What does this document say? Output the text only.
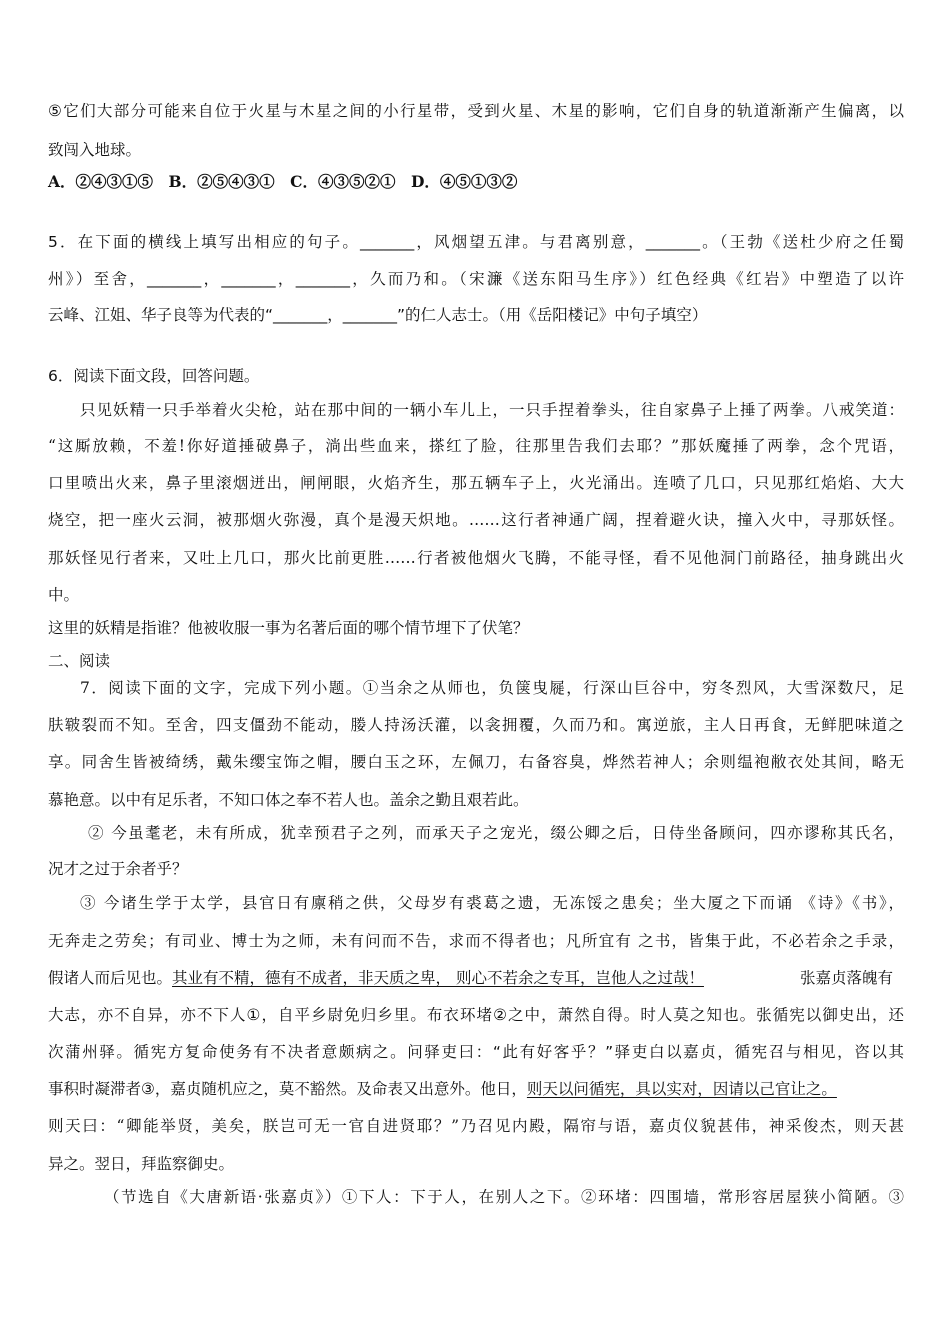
⑤它们大部分可能来自位于火星与木星之间的小行星带，受到火星、木星的影响，它们自身的轨道渐渐产生偏离，以
致闯入地球。
A．②④③①⑤　B．②⑤④③①　C．④③⑤②①　D．④⑤①③②
5．在下面的横线上填写出相应的句子。_______，风烟望五津。与君离别意，_______。（王勃《送杜少府之任蜀
州》）至舍，_______，_______，_______，久而乃和。（宋濂《送东阳马生序》）红色经典《红岩》中塑造了以许
云峰、江姐、华子良等为代表的“_______，_______”的仁人志士。（用《岳阳楼记》中句子填空）
6．阅读下面文段，回答问题。
只见妖精一只手举着火尖枪，站在那中间的一辆小车儿上，一只手捏着拳头，往自家鼻子上捶了两拳。八戒笑道：
“这厮放赖，不羞!你好道捶破鼻子，淌出些血来，搽红了脸，往那里告我们去耶？”那妖魔捶了两拳，念个咒语，
口里喷出火来，鼻子里滚烟迸出，闸闸眼，火焰齐生，那五辆车子上，火光涌出。连喷了几口，只见那红焰焰、大大
烧空，把一座火云洞，被那烟火弥漫，真个是漫天炽地。……这行者神通广阔，捏着避火诀，撞入火中，寻那妖怪。
那妖怪见行者来，又吐上几口，那火比前更胜……行者被他烟火飞腾，不能寻怪，看不见他洞门前路径，抽身跳出火
中。
这里的妖精是指谁？他被收服一事为名著后面的哪个情节埋下了伏笔？
二、阅读
7．阅读下面的文字，完成下列小题。①当余之从师也，负箧曳屣，行深山巨谷中，穷冬烈风，大雪深数尺，足
肤皲裂而不知。至舍，四支僵劲不能动，媵人持汤沃灌，以衾拥覆，久而乃和。寓逆旅，主人日再食，无鲜肥味道之
享。同舍生皆被绮绣，戴朱缨宝饰之帽，腰白玉之环，左佩刀，右备容臭，烨然若神人；余则缊袍敝衣处其间，略无
慕艳意。以中有足乐者，不知口体之奉不若人也。盖余之勤且艰若此。
② 今虽耄老，未有所成，犹幸预君子之列，而承天子之宠光，缀公卿之后，日侍坐备顾问，四亦谬称其氏名，
况才之过于余者乎？
③ 今诸生学于太学，县官日有廪稍之供，父母岁有裘葛之遗，无冻馁之患矣；坐大厦之下而诵 《诗》《书》，
无奔走之劳矣；有司业、博士为之师，未有问而不告，求而不得者也；凡所宜有 之书，皆集于此，不必若余之手录，
假诸人而后见也。其业有不精，德有不成者，非天质之卑， 则心不若余之专耳，岂他人之过哉！	张嘉贞落魄有
大志，亦不自异，亦不下人①，自平乡尉免归乡里。布衣环堵②之中，萧然自得。时人莫之知也。张循宪以御史出，还
次蒲州驿。循宪方复命使务有不决者意颇病之。问驿吏曰：“此有好客乎？”驿吏白以嘉贞，循宪召与相见，咨以其
事积时凝滞者③，嘉贞随机应之，莫不豁然。及命表又出意外。他日，则天以问循宪，具以实对，因请以己官让之。
则天曰：“卿能举贤，美矣，朕岂可无一官自进贤耶？”乃召见内殿，隔帘与语，嘉贞仪貌甚伟，神采俊杰，则天甚
异之。翌日，拜监察御史。
（节选自《大唐新语·张嘉贞》）①下人：下于人，在别人之下。②环堵：四围墙，常形容居屋狭小简陋。③
